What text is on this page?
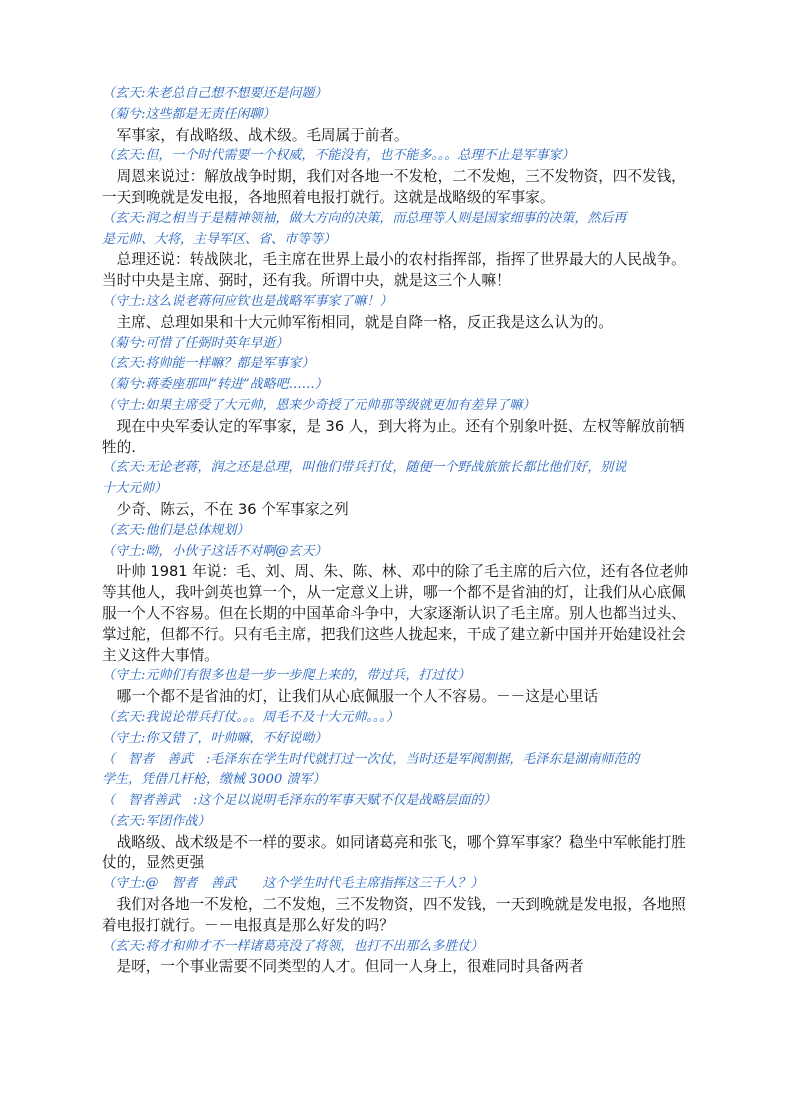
（玄天:朱老总自己想不想要还是问题）
（菊兮:这些都是无责任闲聊）
　军事家，有战略级、战术级。毛周属于前者。
（玄天:但，一个时代需要一个权威，不能没有，也不能多。。。总理不止是军事家）
　周恩来说过：解放战争时期，我们对各地一不发枪，二不发炮，三不发物资，四不发钱，
一天到晚就是发电报，各地照着电报打就行。这就是战略级的军事家。
（玄天:润之相当于是精神领袖，做大方向的决策，而总理等人则是国家细事的决策，然后再
是元帅、大将，主导军区、省、市等等）
　总理还说：转战陕北，毛主席在世界上最小的农村指挥部，指挥了世界最大的人民战争。
当时中央是主席、弼时，还有我。所谓中央，就是这三个人嘛！
（守土:这么说老蒋何应钦也是战略军事家了嘛！）
　主席、总理如果和十大元帅军衔相同，就是自降一格，反正我是这么认为的。
（菊兮:可惜了任弼时英年早逝）
（玄天:将帅能一样嘛？都是军事家）
（菊兮:蒋委座那叫“转进”战略吧……）
（守土:如果主席受了大元帅，恩来少奇授了元帅那等级就更加有差异了嘛）
　现在中央军委认定的军事家，是 36 人，到大将为止。还有个别象叶挺、左权等解放前牺
牲的.
（玄天:无论老蒋，润之还是总理，叫他们带兵打仗，随便一个野战旅旅长都比他们好，别说
十大元帅）
　少奇、陈云，不在 36 个军事家之列
（玄天:他们是总体规划）
（守土:呦，小伙子这话不对啊@玄天）
　叶帅 1981 年说：毛、刘、周、朱、陈、林、邓中的除了毛主席的后六位，还有各位老帅
等其他人，我叶剑英也算一个，从一定意义上讲，哪一个都不是省油的灯，让我们从心底佩
服一个人不容易。但在长期的中国革命斗争中，大家逐渐认识了毛主席。别人也都当过头、
掌过舵，但都不行。只有毛主席，把我们这些人拢起来，干成了建立新中国并开始建设社会
主义这件大事情。
（守土:元帅们有很多也是一步一步爬上来的，带过兵，打过仗）
　哪一个都不是省油的灯，让我们从心底佩服一个人不容易。－－这是心里话
（玄天:我说论带兵打仗。。。周毛不及十大元帅。。。）
（守土:你又错了，叶帅嘛，不好说呦）
（　智者　善武　:毛泽东在学生时代就打过一次仗，当时还是军阀割据，毛泽东是湖南师范的
学生，凭借几杆枪，缴械 3000 溃军）
（　智者善武　:这个足以说明毛泽东的军事天赋不仅是战略层面的）
（玄天:军团作战）
　战略级、战术级是不一样的要求。如同诸葛亮和张飞，哪个算军事家？稳坐中军帐能打胜
仗的，显然更强
（守土:@　智者　善武　　这个学生时代毛主席指挥这三千人？）
　我们对各地一不发枪，二不发炮，三不发物资，四不发钱，一天到晚就是发电报，各地照
着电报打就行。－－电报真是那么好发的吗？
（玄天:将才和帅才不一样诸葛亮没了将领，也打不出那么多胜仗）
　是呀，一个事业需要不同类型的人才。但同一人身上，很难同时具备两者
